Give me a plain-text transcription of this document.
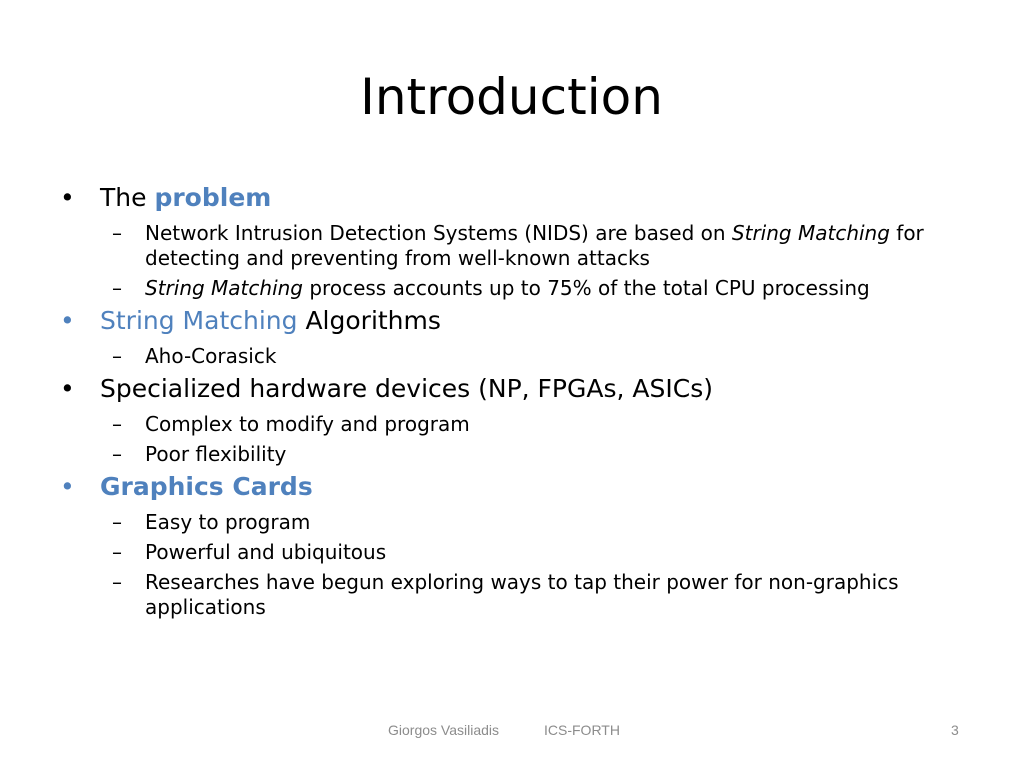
Introduction
• The problem
– Network Intrusion Detection Systems (NIDS) are based on String Matching for detecting and preventing from well-known attacks
– String Matching process accounts up to 75% of the total CPU processing
• String Matching Algorithms
– Aho-Corasick
• Specialized hardware devices (NP, FPGAs, ASICs)
– Complex to modify and program
– Poor flexibility
• Graphics Cards
– Easy to program
– Powerful and ubiquitous
– Researches have begun exploring ways to tap their power for non-graphics applications
Giorgos Vasiliadis	ICS-FORTH	3
